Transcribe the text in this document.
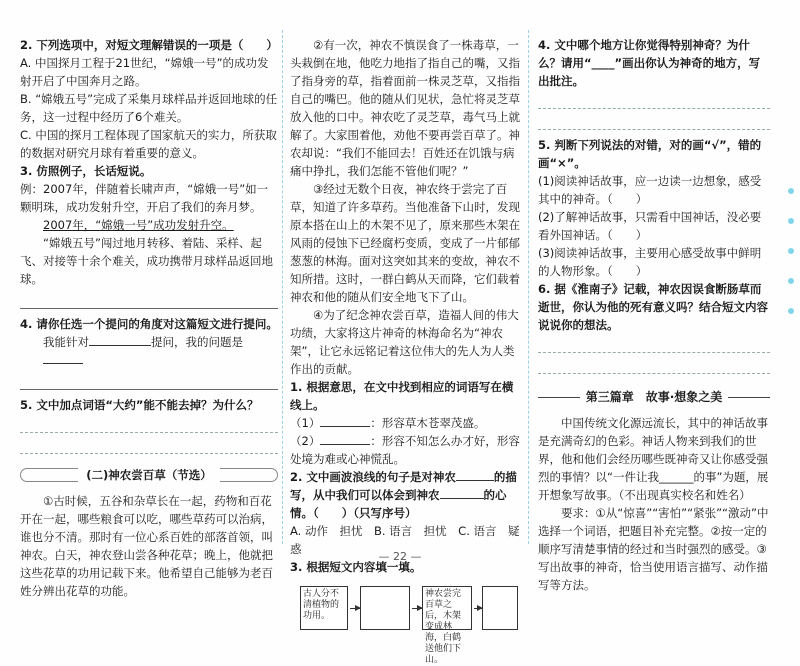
2. 下列选项中，对短文理解错误的一项是（　　）

A. 中国探月工程于21世纪，“嫦娥一号”的成功发射开启了中国奔月之路。

B. “嫦娥五号”完成了采集月球样品并返回地球的任务，这一过程中经历了6个难关。

C. 中国的探月工程体现了国家航天的实力，所获取的数据对研究月球有着重要的意义。

3. 仿照例子，长话短说。

例：2007年，伴随着长啸声声，“嫦娥一号”如一颗明珠，成功发射升空，开启了我们的奔月梦。

2007年，“嫦娥一号”成功发射升空。

“嫦娥五号”闯过地月转移、着陆、采样、起飞、对接等十余个难关，成功携带月球样品返回地球。

4. 请你任选一个提问的角度对这篇短文进行提问。

我能针对	提问，我的问题是

5. 文中加点词语“大约”能不能去掉？为什么？

(二)神农尝百草（节选）

①古时候，五谷和杂草长在一起，药物和百花开在一起，哪些粮食可以吃，哪些草药可以治病，谁也分不清。那时有一位心系百姓的部落首领，叫神农。白天，神农登山尝各种花草；晚上，他就把这些花草的功用记载下来。他希望自己能够为老百姓分辨出花草的功能。

②有一次，神农不慎误食了一株毒草，一头栽倒在地，他吃力地指了指自己的嘴，又指了指身旁的草，指着面前一株灵芝草，又指指自己的嘴巴。他的随从们见状，急忙将灵芝草放入他的口中。神农吃了灵芝草，毒气马上就解了。大家围着他，劝他不要再尝百草了。神农却说：“我们不能回去！百姓还在饥饿与病痛中挣扎，我们怎能不管他们呢？”

③经过无数个日夜，神农终于尝完了百草，知道了许多草药。当他准备下山时，发现原本搭在山上的木架不见了，原来那些木架在风雨的侵蚀下已经腐朽变质，变成了一片郁郁葱葱的林海。面对这突如其来的变故，神农不知所措。这时，一群白鹤从天而降，它们载着神农和他的随从们安全地飞下了山。

④为了纪念神农尝百草，造福人间的伟大功绩，大家将这片神奇的林海命名为“神农架”，让它永远铭记着这位伟大的先人为人类作出的贡献。

1. 根据意思，在文中找到相应的词语写在横线上。

（1）	：形容草木苍翠茂盛。

（2）	：形容不知怎么办才好，形容处境为难或心神慌乱。

2. 文中画波浪线的句子是对神农	的描写，从中我们可以体会到神农	的心情。（　　）（只写序号）

A. 动作　担忧　B. 语言　担忧　C. 语言　疑惑

3. 根据短文内容填一填。

古人分不清植物的功用。
神农尝完百草之后，木架变成林海，白鹤送他们下山。

4. 文中哪个地方让你觉得特别神奇？为什么？请用“____”画出你认为神奇的地方，写出批注。

5. 判断下列说法的对错，对的画“√”，错的画“×”。

(1)阅读神话故事，应一边读一边想象，感受其中的神奇。（　　）

(2)了解神话故事，只需看中国神话，没必要看外国神话。（　　）

(3)阅读神话故事，主要用心感受故事中鲜明的人物形象。（　　）

6. 据《淮南子》记载，神农因误食断肠草而逝世，你认为他的死有意义吗？结合短文内容说说你的想法。

第三篇章　故事·想象之美

中国传统文化源远流长，其中的神话故事是充满奇幻的色彩。神话人物来到我们的世界，他和他们会经历哪些既神奇又让你感受强烈的事情？以“一件让我______的事”为题，展开想象写故事。（不出现真实校名和姓名）

要求：①从“惊喜”“害怕”“紧张”“激动”中选择一个词语，把题目补充完整。②按一定的顺序写清楚事情的经过和当时强烈的感受。③写出故事的神奇，恰当使用语言描写、动作描写等方法。

— 22 —
